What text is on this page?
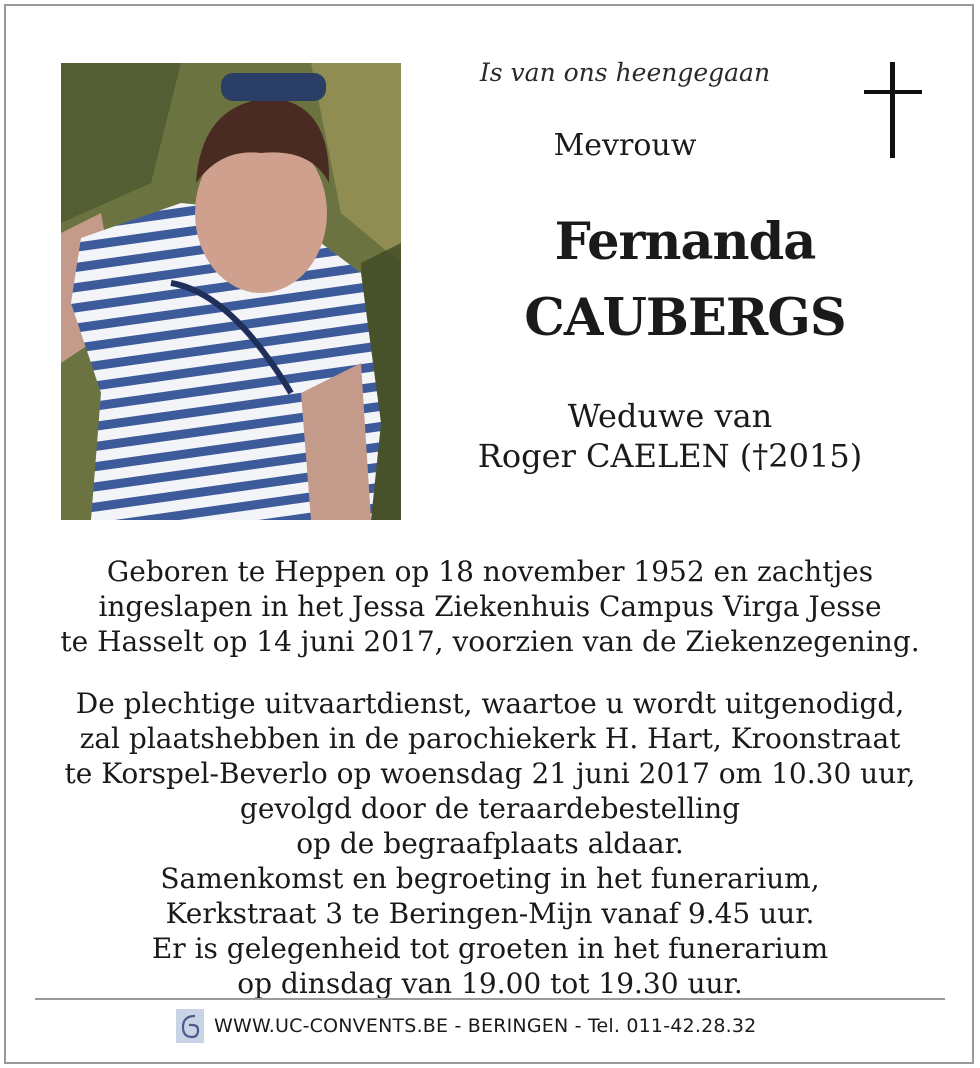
Is van ons heengegaan
Mevrouw
Fernanda
CAUBERGS
Weduwe van
Roger CAELEN (†2015)
Geboren te Heppen op 18 november 1952 en zachtjes
ingeslapen in het Jessa Ziekenhuis Campus Virga Jesse
te Hasselt op 14 juni 2017, voorzien van de Ziekenzegening.
De plechtige uitvaartdienst, waartoe u wordt uitgenodigd,
zal plaatshebben in de parochiekerk H. Hart, Kroonstraat
te Korspel-Beverlo op woensdag 21 juni 2017 om 10.30 uur,
gevolgd door de teraardebestelling
op de begraafplaats aldaar.
Samenkomst en begroeting in het funerarium,
Kerkstraat 3 te Beringen-Mijn vanaf 9.45 uur.
Er is gelegenheid tot groeten in het funerarium
op dinsdag van 19.00 tot 19.30 uur.
WWW.UC-CONVENTS.BE - BERINGEN - Tel. 011-42.28.32
